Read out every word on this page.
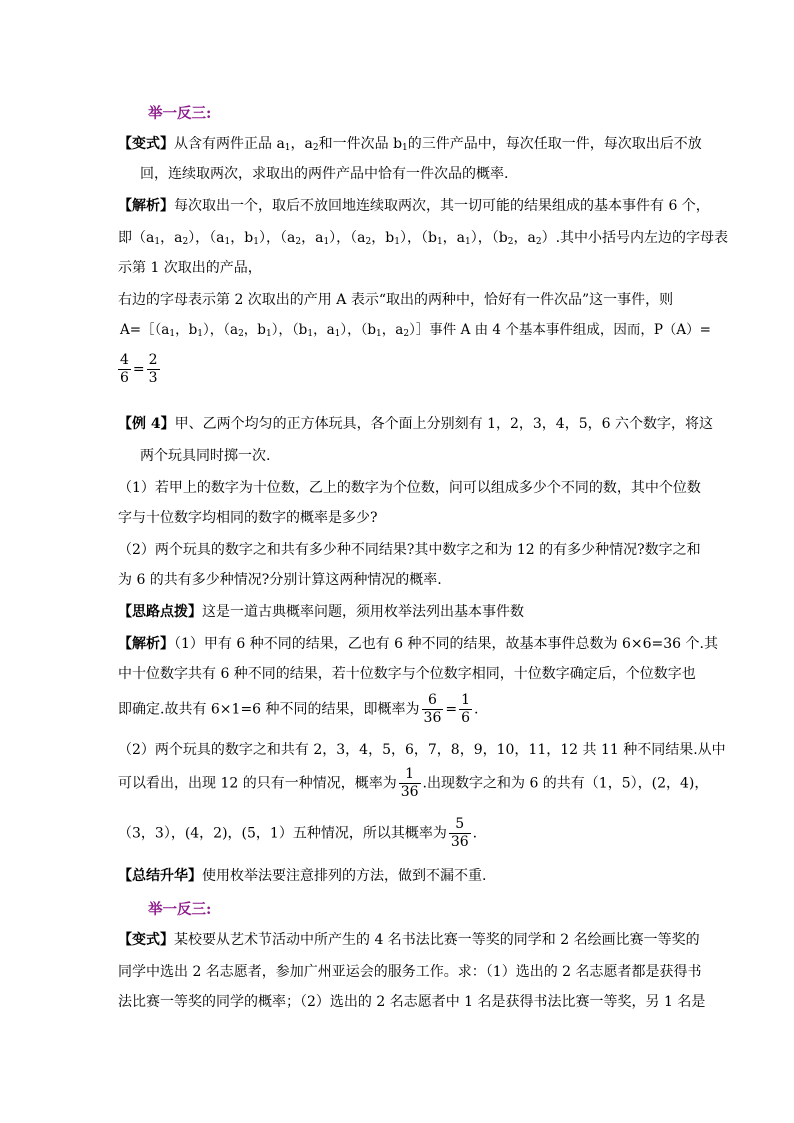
举一反三:
【变式】从含有两件正品 $a_1$，$a_2$和一件次品 $b_1$的三件产品中，每次任取一件，每次取出后不放
回，连续取两次，求取出的两件产品中恰有一件次品的概率.
【解析】每次取出一个，取后不放回地连续取两次，其一切可能的结果组成的基本事件有 6 个，
即（$a_1$，$a_2$），（$a_1$，$b_1$），（$a_2$，$a_1$），（$a_2$，$b_1$），（$b_1$，$a_1$），（$b_2$，$a_2$）.其中小括号内左边的字母表
示第 1 次取出的产品，
右边的字母表示第 2 次取出的产用 A 表示“取出的两种中，恰好有一件次品”这一事件，则
$A=[(a_1$，$b_1$），（$a_2$，$b_1$），（$b_1$，$a_1$），（$b_1$，$a_2)]$事件 A 由 4 个基本事件组成，因而，P（A）=
$\frac{4}{6} = \frac{2}{3}$
【例 4】甲、乙两个均匀的正方体玩具，各个面上分别刻有 1，2，3，4，5，6 六个数字，将这
两个玩具同时掷一次.
（1）若甲上的数字为十位数，乙上的数字为个位数，问可以组成多少个不同的数，其中个位数
字与十位数字均相同的数字的概率是多少?
（2）两个玩具的数字之和共有多少种不同结果?其中数字之和为 12 的有多少种情况?数字之和
为 6 的共有多少种情况?分别计算这两种情况的概率.
【思路点拨】这是一道古典概率问题，须用枚举法列出基本事件数
【解析】（1）甲有 6 种不同的结果，乙也有 6 种不同的结果，故基本事件总数为 6×6=36 个.其
中十位数字共有 6 种不同的结果，若十位数字与个位数字相同，十位数字确定后，个位数字也
即确定.故共有 6×1=6 种不同的结果，即概率为 $\frac{6}{36} = \frac{1}{6}$ .
（2）两个玩具的数字之和共有 2，3，4，5，6，7，8，9，10，11，12 共 11 种不同结果.从中
可以看出，出现 12 的只有一种情况，概率为 $\frac{1}{36}$ .出现数字之和为 6 的共有（1，5），(2，4)，
（3，3），(4，2)，(5，1）五种情况，所以其概率为 $\frac{5}{36}$ .
【总结升华】使用枚举法要注意排列的方法，做到不漏不重.
举一反三:
【变式】某校要从艺术节活动中所产生的 4 名书法比赛一等奖的同学和 2 名绘画比赛一等奖的
同学中选出 2 名志愿者，参加广州亚运会的服务工作。求：（1）选出的 2 名志愿者都是获得书
法比赛一等奖的同学的概率；（2）选出的 2 名志愿者中 1 名是获得书法比赛一等奖，另 1 名是
